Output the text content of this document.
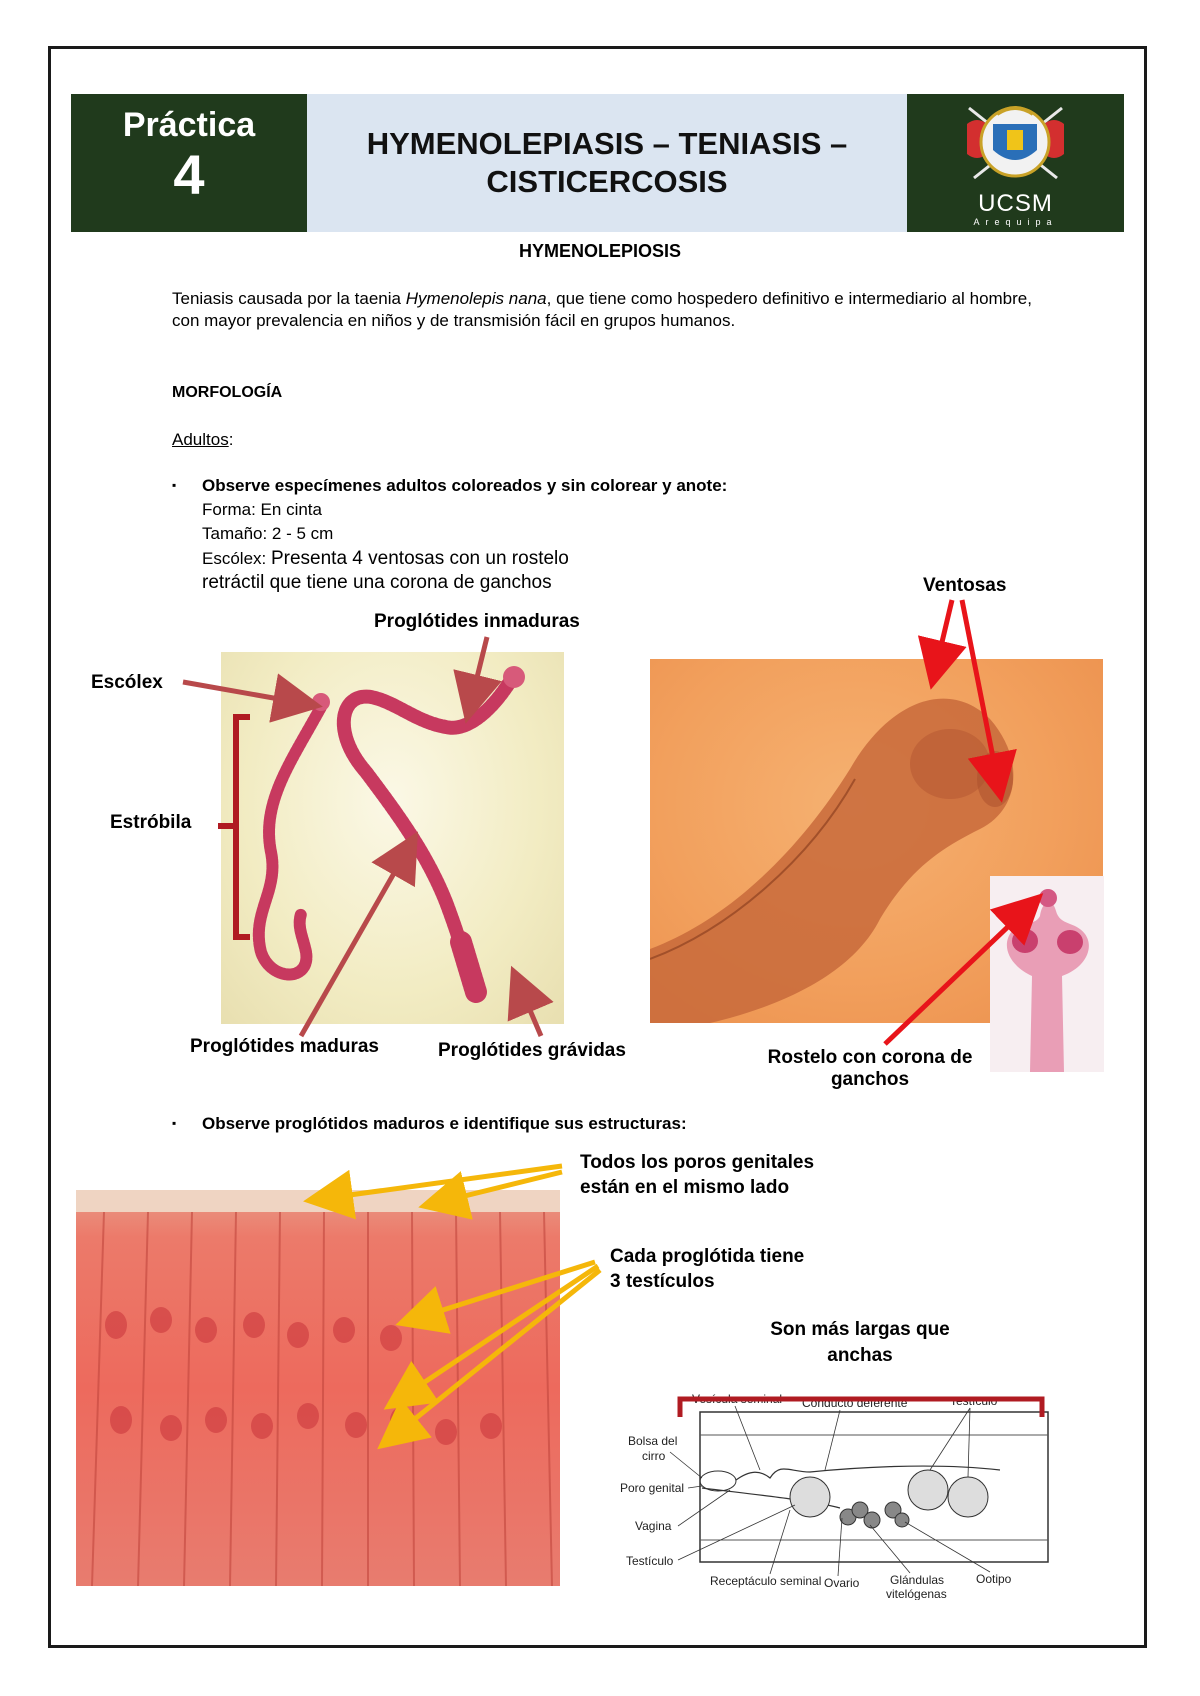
Práctica
4	HYMENOLEPIASIS – TENIASIS –
CISTICERCOSIS
UCSM
Arequipa
HYMENOLEPIOSIS
Teniasis causada por la taenia Hymenolepis nana, que tiene como hospedero definitivo e intermediario al hombre, con mayor prevalencia en niños y de transmisión fácil en grupos humanos.
MORFOLOGÍA
Adultos:
▪ Observe especímenes adultos coloreados y sin colorear y anote:
Forma: En cinta
Tamaño: 2 - 5 cm
Escólex: Presenta 4 ventosas con un rostelo
retráctil que tiene una corona de ganchos
Proglótides inmaduras
Escólex
Estróbila
Proglótides maduras	Proglótides grávidas
Ventosas
Rostelo con corona de
ganchos
▪ Observe proglótidos maduros e identifique sus estructuras:
Todos los poros genitales
están en el mismo lado
Cada proglótida tiene
3 testículos
Son más largas que
anchas
Vesícula seminal Conducto deferente	Testículo
Bolsa del
cirro
Poro genital
Vagina
Testículo
Receptáculo seminal Ovario	Glándulas
vitelógenas
Ootipo
